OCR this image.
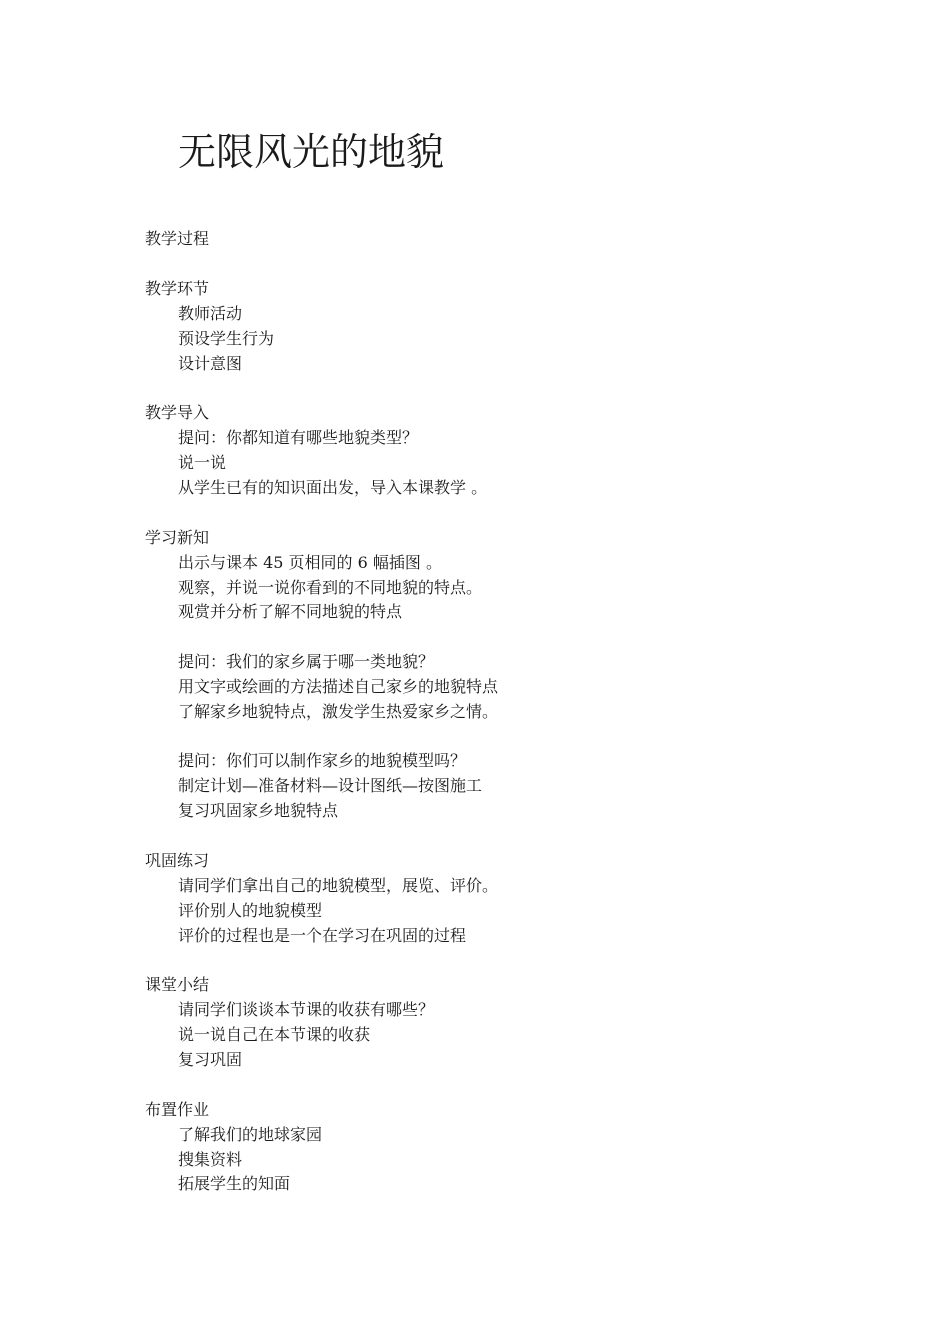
无限风光的地貌

教学过程

教学环节

教师活动

预设学生行为

设计意图

教学导入

提问：你都知道有哪些地貌类型？

说一说

从学生已有的知识面出发，导入本课教学 。

学习新知

出示与课本 45 页相同的 6 幅插图 。

观察，并说一说你看到的不同地貌的特点。

观赏并分析了解不同地貌的特点

提问：我们的家乡属于哪一类地貌？

用文字或绘画的方法描述自己家乡的地貌特点

了解家乡地貌特点，激发学生热爱家乡之情。

提问：你们可以制作家乡的地貌模型吗？

制定计划—准备材料—设计图纸—按图施工

复习巩固家乡地貌特点

巩固练习

请同学们拿出自己的地貌模型，展览、评价。

评价别人的地貌模型

评价的过程也是一个在学习在巩固的过程

课堂小结

请同学们谈谈本节课的收获有哪些？

说一说自己在本节课的收获

复习巩固

布置作业

了解我们的地球家园

搜集资料

拓展学生的知面
